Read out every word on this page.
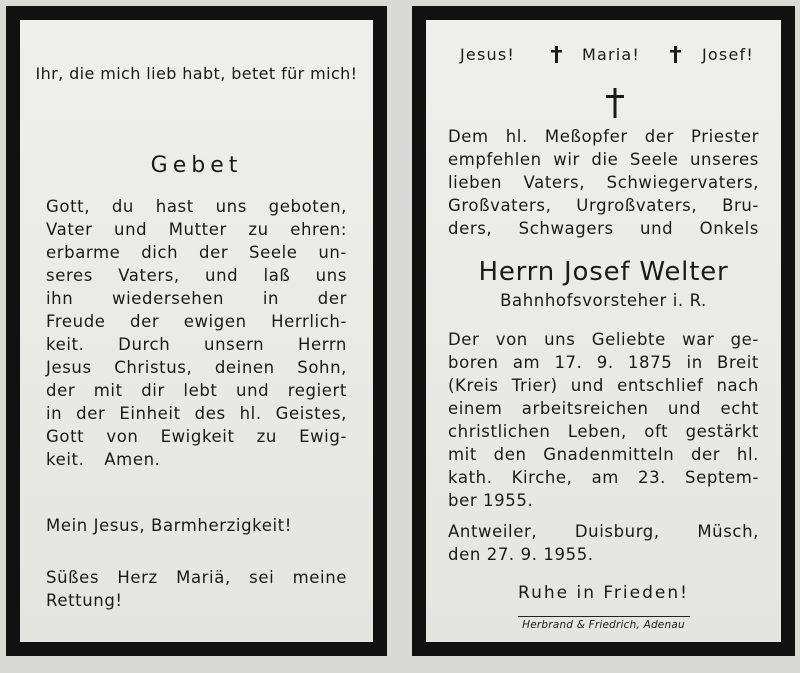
Ihr, die mich lieb habt, betet für mich!
Gebet
Gott, du hast uns geboten,
Vater und Mutter zu ehren:
erbarme dich der Seele un-
seres Vaters, und laß uns
ihn wiedersehen in der
Freude der ewigen Herrlich-
keit. Durch unsern Herrn
Jesus Christus, deinen Sohn,
der mit dir lebt und regiert
in der Einheit des hl. Geistes,
Gott von Ewigkeit zu Ewig-
keit. Amen.
Mein Jesus, Barmherzigkeit!
Süßes Herz Mariä, sei meine
Rettung!
Jesus!	Maria!	Josef!
Dem hl. Meßopfer der Priester
empfehlen wir die Seele unseres
lieben Vaters, Schwiegervaters,
Großvaters, Urgroßvaters, Bru-
ders, Schwagers und Onkels
Herrn Josef Welter
Bahnhofsvorsteher i. R.
Der von uns Geliebte war ge-
boren am 17. 9. 1875 in Breit
(Kreis Trier) und entschlief nach
einem arbeitsreichen und echt
christlichen Leben, oft gestärkt
mit den Gnadenmitteln der hl.
kath. Kirche, am 23. Septem-
ber 1955.
Antweiler, Duisburg, Müsch,
den 27. 9. 1955.
Ruhe in Frieden!
Herbrand & Friedrich, Adenau
